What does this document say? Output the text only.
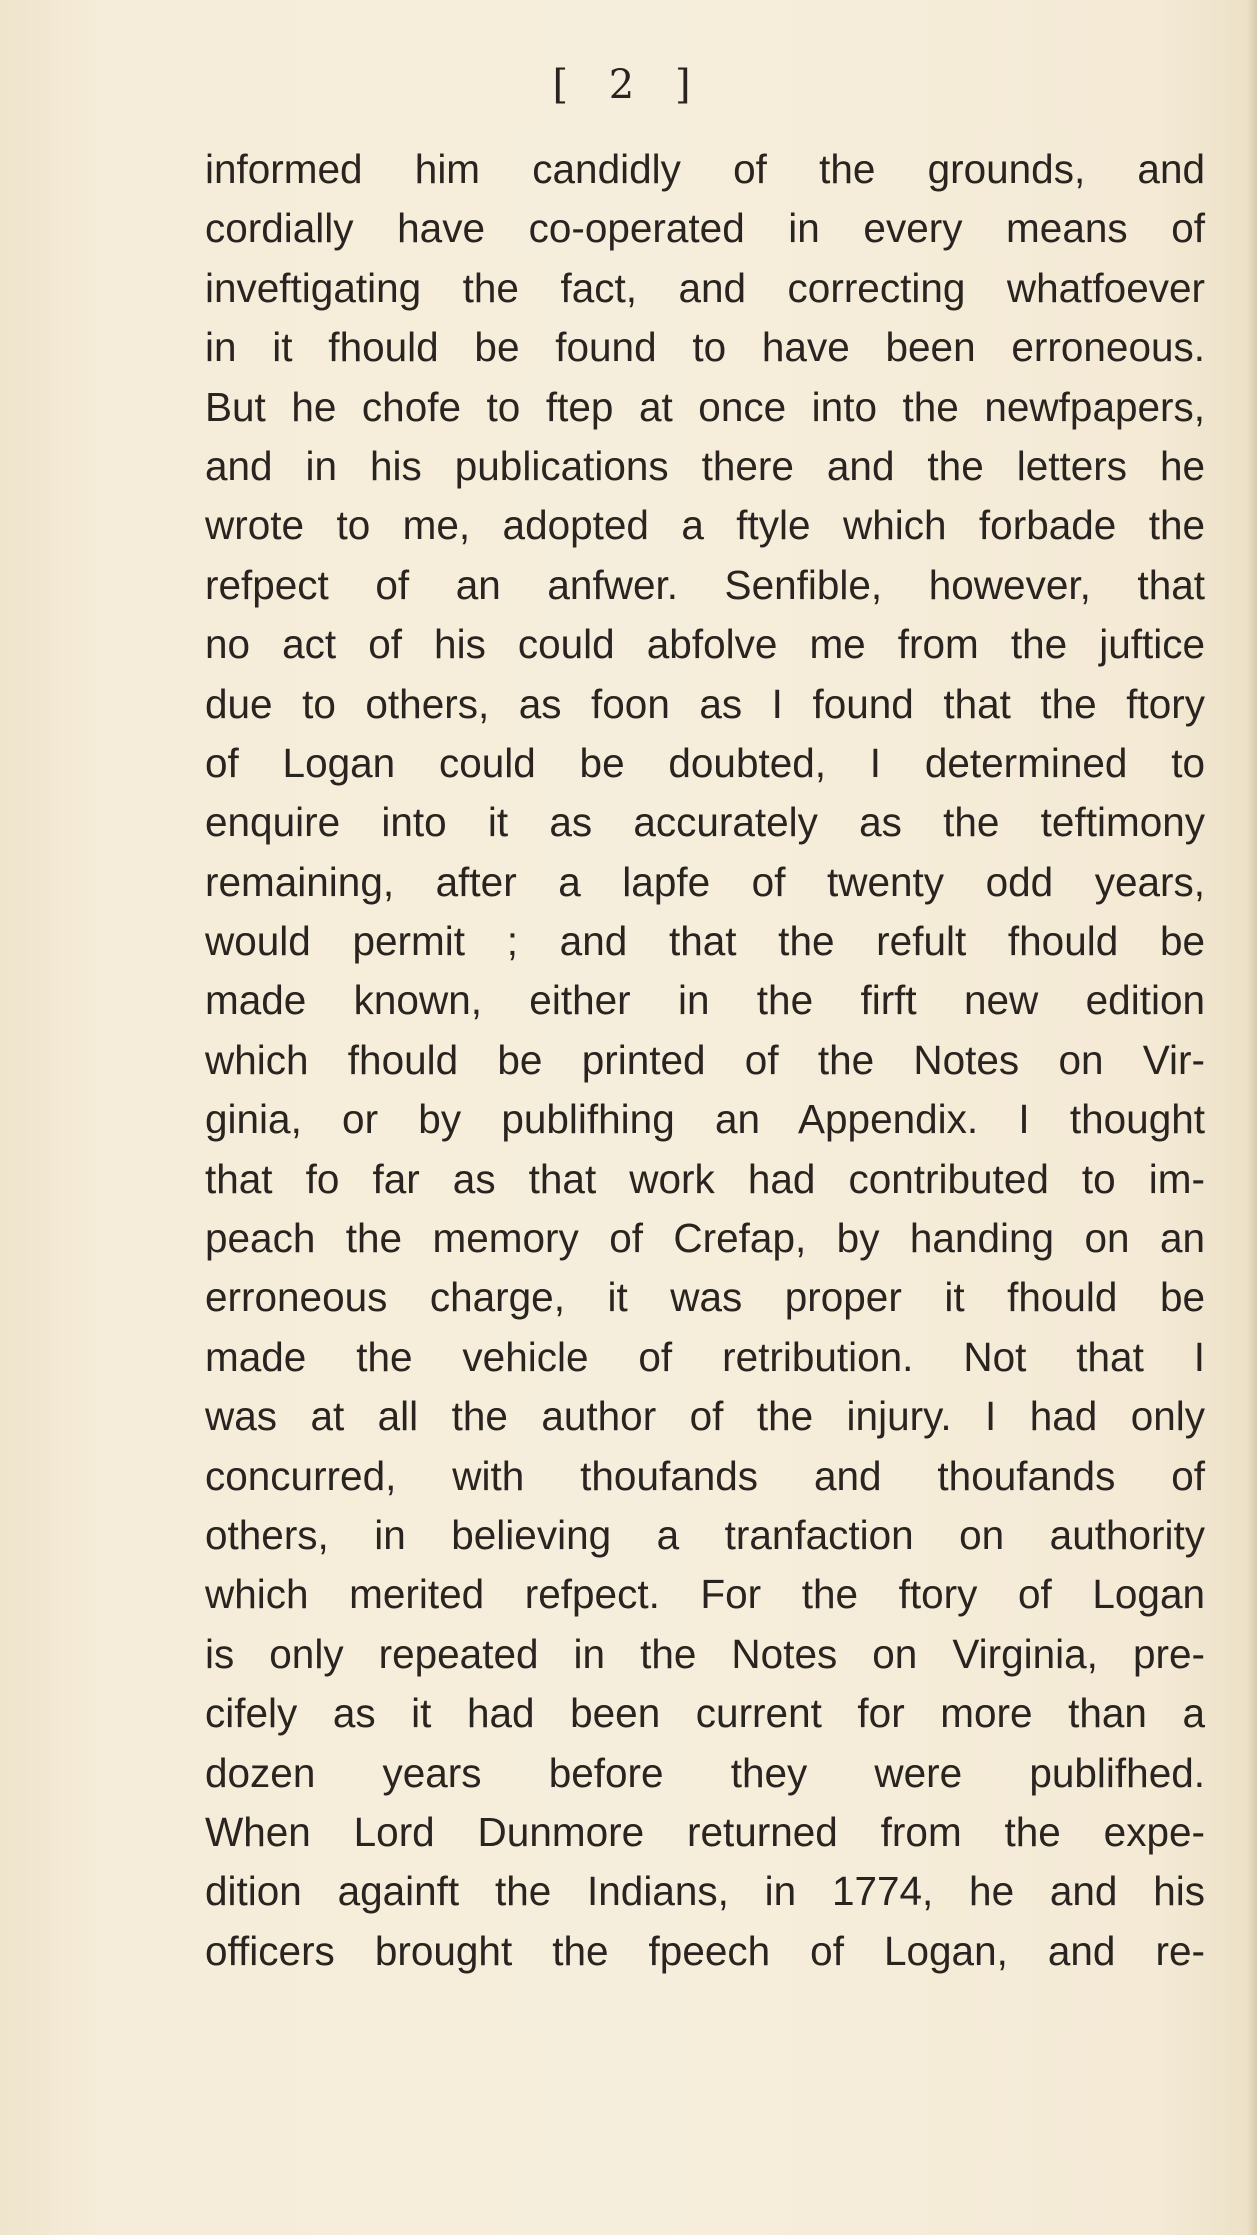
[ 2 ]
informed him candidly of the grounds, and
cordially have co-operated in every means of
inveftigating the fact, and correcting whatfoever
in it fhould be found to have been erroneous.
But he chofe to ftep at once into the newfpapers,
and in his publications there and the letters he
wrote to me, adopted a ftyle which forbade the
refpect of an anfwer. Senfible, however, that
no act of his could abfolve me from the juftice
due to others, as foon as I found that the ftory
of Logan could be doubted, I determined to
enquire into it as accurately as the teftimony
remaining, after a lapfe of twenty odd years,
would permit ; and that the refult fhould be
made known, either in the firft new edition
which fhould be printed of the Notes on Vir-
ginia, or by publifhing an Appendix. I thought
that fo far as that work had contributed to im-
peach the memory of Crefap, by handing on an
erroneous charge, it was proper it fhould be
made the vehicle of retribution. Not that I
was at all the author of the injury. I had only
concurred, with thoufands and thoufands of
others, in believing a tranfaction on authority
which merited refpect. For the ftory of Logan
is only repeated in the Notes on Virginia, pre-
cifely as it had been current for more than a
dozen years before they were publifhed.
When Lord Dunmore returned from the expe-
dition againft the Indians, in 1774, he and his
officers brought the fpeech of Logan, and re-
